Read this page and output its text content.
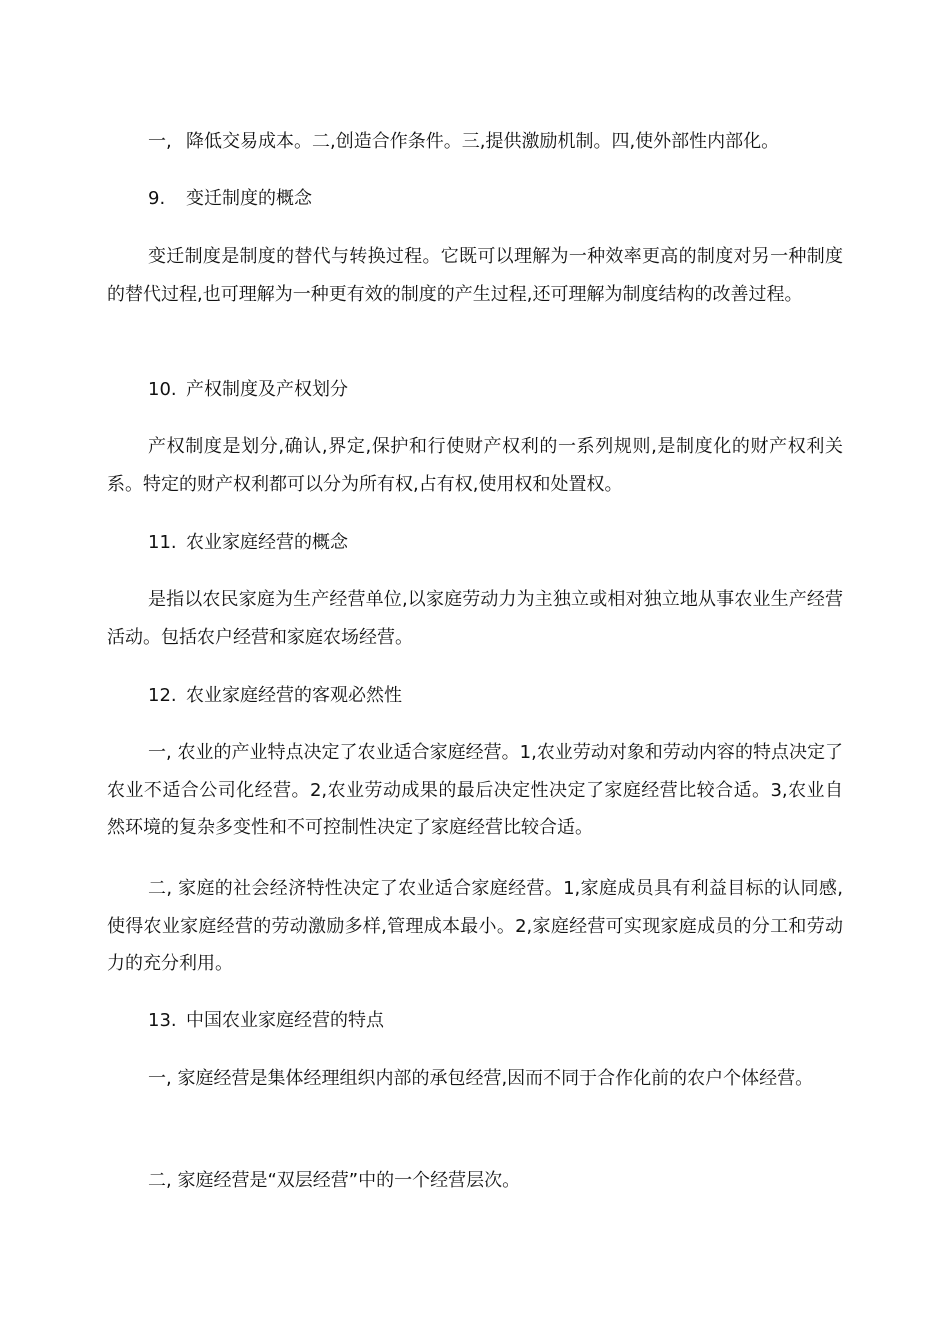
一, 降低交易成本。二,创造合作条件。三,提供激励机制。四,使外部性内部化。

9. 变迁制度的概念

变迁制度是制度的替代与转换过程。它既可以理解为一种效率更高的制度对另一种制度的替代过程,也可理解为一种更有效的制度的产生过程,还可理解为制度结构的改善过程。

10. 产权制度及产权划分

产权制度是划分,确认,界定,保护和行使财产权利的一系列规则,是制度化的财产权利关系。特定的财产权利都可以分为所有权,占有权,使用权和处置权。

11. 农业家庭经营的概念

是指以农民家庭为生产经营单位,以家庭劳动力为主独立或相对独立地从事农业生产经营活动。包括农户经营和家庭农场经营。

12. 农业家庭经营的客观必然性

一, 农业的产业特点决定了农业适合家庭经营。1,农业劳动对象和劳动内容的特点决定了农业不适合公司化经营。2,农业劳动成果的最后决定性决定了家庭经营比较合适。3,农业自然环境的复杂多变性和不可控制性决定了家庭经营比较合适。

二, 家庭的社会经济特性决定了农业适合家庭经营。1,家庭成员具有利益目标的认同感,使得农业家庭经营的劳动激励多样,管理成本最小。2,家庭经营可实现家庭成员的分工和劳动力的充分利用。

13. 中国农业家庭经营的特点

一, 家庭经营是集体经理组织内部的承包经营,因而不同于合作化前的农户个体经营。

二, 家庭经营是“双层经营”中的一个经营层次。
